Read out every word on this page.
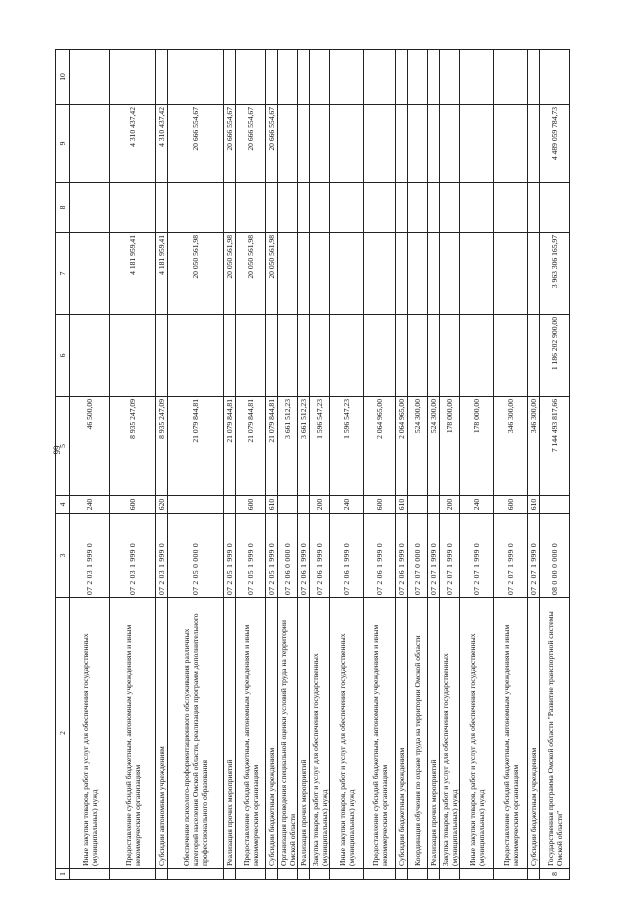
99
1	2	3	4	5	6	7	8	9	10
	Иные закупки товаров, работ и услуг для обеспечения государственных (муниципальных) нужд	07 2 03 1 999 0	240	46 500,00					
	Предоставление субсидий бюджетным, автономным учреждениям и иным некоммерческим организациям	07 2 03 1 999 0	600	8 935 247,09		4 181 959,41		4 310 437,42	
	Субсидии автономным учреждениям	07 2 03 1 999 0	620	8 935 247,09		4 181 959,41		4 310 437,42	
	Обеспечение психолого-профориентационного обслуживания различных категорий населения Омской области, реализация программ дополнительного профессионального образования	07 2 05 0 000 0		21 079 844,81		20 050 561,98		20 666 554,67	
	Реализация прочих мероприятий	07 2 05 1 999 0		21 079 844,81		20 050 561,98		20 666 554,67	
	Предоставление субсидий бюджетным, автономным учреждениям и иным некоммерческим организациям	07 2 05 1 999 0	600	21 079 844,81		20 050 561,98		20 666 554,67	
	Субсидии бюджетным учреждениям	07 2 05 1 999 0	610	21 079 844,81		20 050 561,98		20 666 554,67	
	Организация проведения специальной оценки условий труда на территории Омской области	07 2 06 0 000 0		3 661 512,23					
	Реализация прочих мероприятий	07 2 06 1 999 0		3 661 512,23					
	Закупка товаров, работ и услуг для обеспечения государственных (муниципальных) нужд	07 2 06 1 999 0	200	1 596 547,23					
	Иные закупки товаров, работ и услуг для обеспечения государственных (муниципальных) нужд	07 2 06 1 999 0	240	1 596 547,23					
	Предоставление субсидий бюджетным, автономным учреждениям и иным некоммерческим организациям	07 2 06 1 999 0	600	2 064 965,00					
	Субсидии бюджетным учреждениям	07 2 06 1 999 0	610	2 064 965,00					
	Координация обучения по охране труда на территории Омской области	07 2 07 0 000 0		524 300,00					
	Реализация прочих мероприятий	07 2 07 1 999 0		524 300,00					
	Закупка товаров, работ и услуг для обеспечения государственных (муниципальных) нужд	07 2 07 1 999 0	200	178 000,00					
	Иные закупки товаров, работ и услуг для обеспечения государственных (муниципальных) нужд	07 2 07 1 999 0	240	178 000,00					
	Предоставление субсидий бюджетным, автономным учреждениям и иным некоммерческим организациям	07 2 07 1 999 0	600	346 300,00					
	Субсидии бюджетным учреждениям	07 2 07 1 999 0	610	346 300,00					
8	Государственная программа Омской области "Развитие транспортной системы Омской области"	08 0 00 0 000 0		7 144 493 817,66	1 186 202 900,00	3 963 306 165,97		4 489 059 784,73	
